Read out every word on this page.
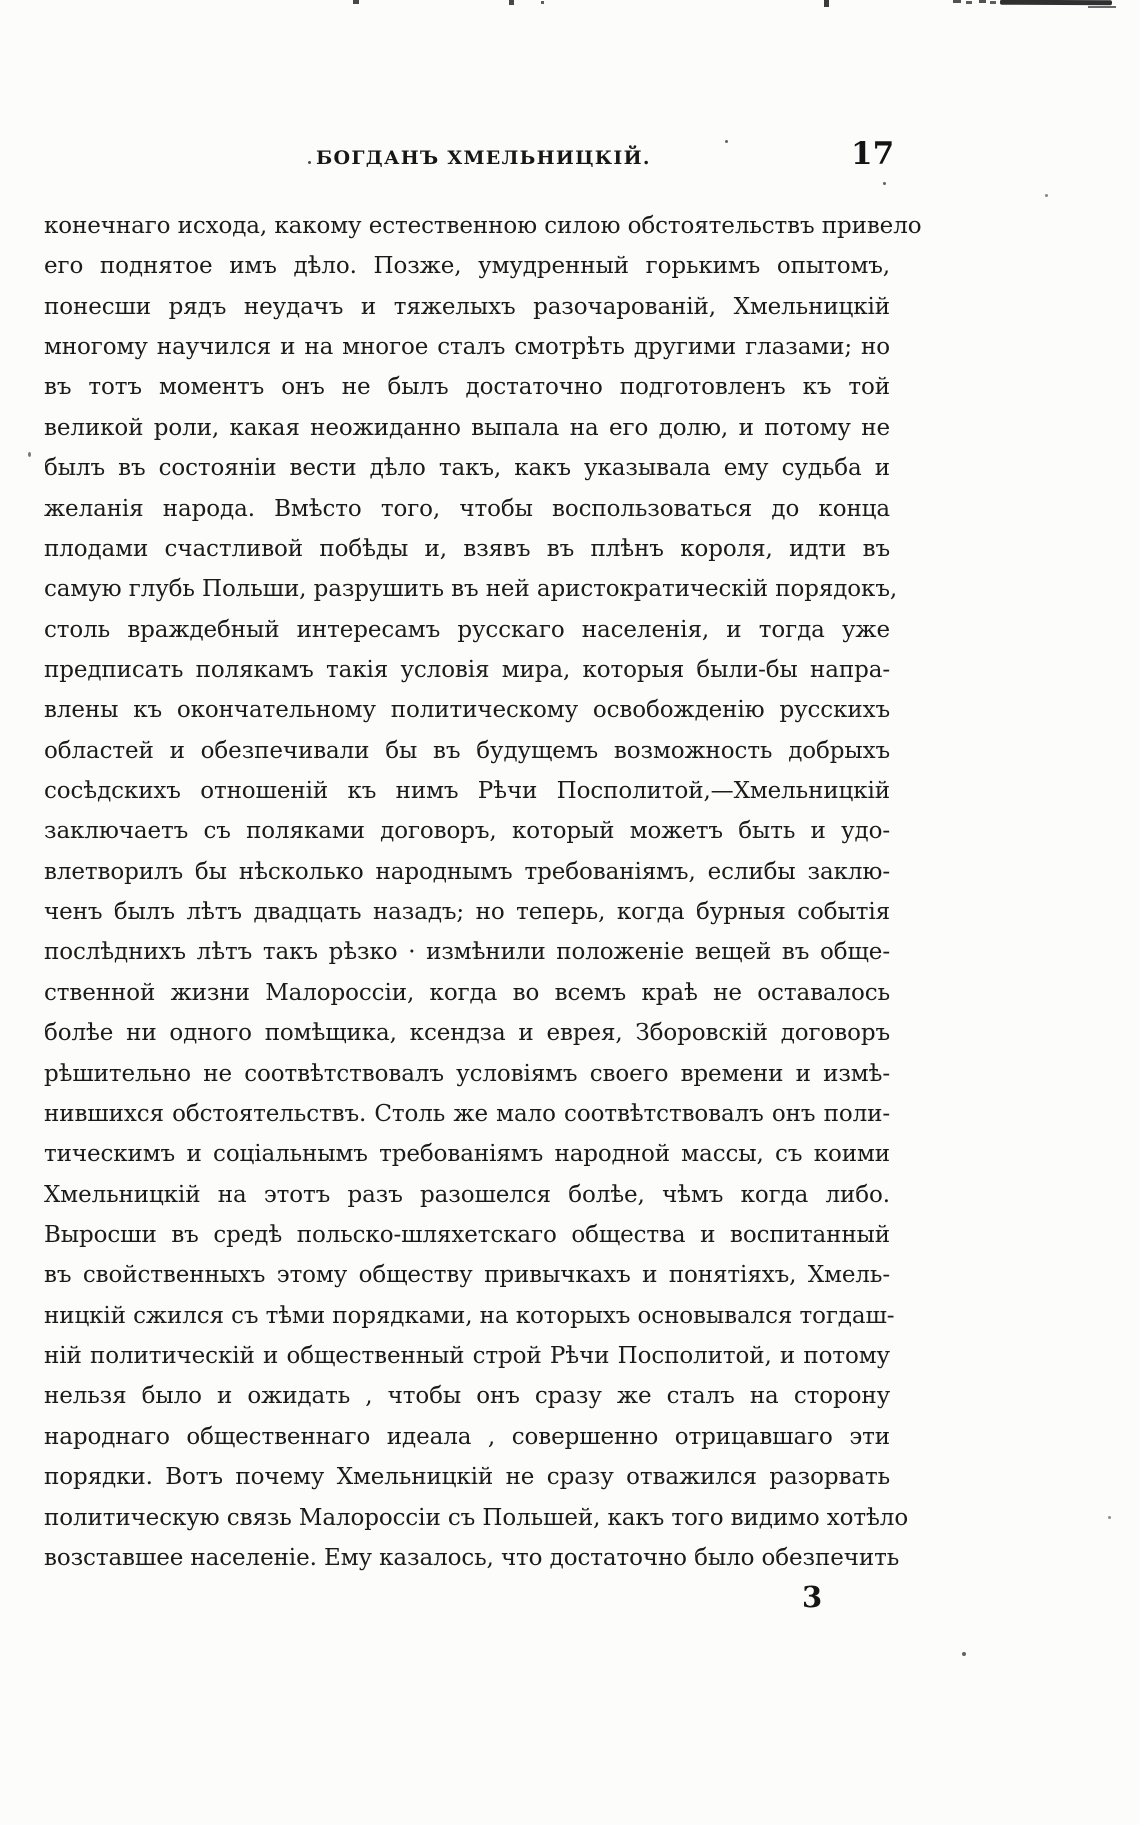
БОГДАНЪ ХМЕЛЬНИЦКІЙ.	17
конечнаго исхода, какому естественною силою обстоятельствъ привело
его поднятое имъ дѣло. Позже, умудренный горькимъ опытомъ,
понесши рядъ неудачъ и тяжелыхъ разочарованій, Хмельницкій
многому научился и на многое сталъ смотрѣть другими глазами; но
въ тотъ моментъ онъ не былъ достаточно подготовленъ къ той
великой роли, какая неожиданно выпала на его долю, и потому не
былъ въ состояніи вести дѣло такъ, какъ указывала ему судьба и
желанія народа. Вмѣсто того, чтобы воспользоваться до конца
плодами счастливой побѣды и, взявъ въ плѣнъ короля, идти въ
самую глубь Польши, разрушить въ ней аристократическій порядокъ,
столь враждебный интересамъ русскаго населенія, и тогда уже
предписать полякамъ такія условія мира, которыя были-бы напра-
влены къ окончательному политическому освобожденію русскихъ
областей и обезпечивали бы въ будущемъ возможность добрыхъ
сосѣдскихъ отношеній къ нимъ Рѣчи Посполитой,—Хмельницкій
заключаетъ съ поляками договоръ, который можетъ быть и удо-
влетворилъ бы нѣсколько народнымъ требованіямъ, еслибы заклю-
ченъ былъ лѣтъ двадцать назадъ; но теперь, когда бурныя событія
послѣднихъ лѣтъ такъ рѣзко · измѣнили положеніе вещей въ обще-
ственной жизни Малороссіи, когда во всемъ краѣ не оставалось
болѣе ни одного помѣщика, ксендза и еврея, Зборовскій договоръ
рѣшительно не соотвѣтствовалъ условіямъ своего времени и измѣ-
нившихся обстоятельствъ. Столь же мало соотвѣтствовалъ онъ поли-
тическимъ и соціальнымъ требованіямъ народной массы, съ коими
Хмельницкій на этотъ разъ разошелся болѣе, чѣмъ когда либо.
Выросши въ средѣ польско-шляхетскаго общества и воспитанный
въ свойственныхъ этому обществу привычкахъ и понятіяхъ, Хмель-
ницкій сжился съ тѣми порядками, на которыхъ основывался тогдаш-
ній политическій и общественный строй Рѣчи Посполитой, и потому
нельзя было и ожидать , чтобы онъ сразу же сталъ на сторону
народнаго общественнаго идеала , совершенно отрицавшаго эти
порядки. Вотъ почему Хмельницкій не сразу отважился разорвать
политическую связь Малороссіи съ Польшей, какъ того видимо хотѣло
возставшее населеніе. Ему казалось, что достаточно было обезпечить
3
